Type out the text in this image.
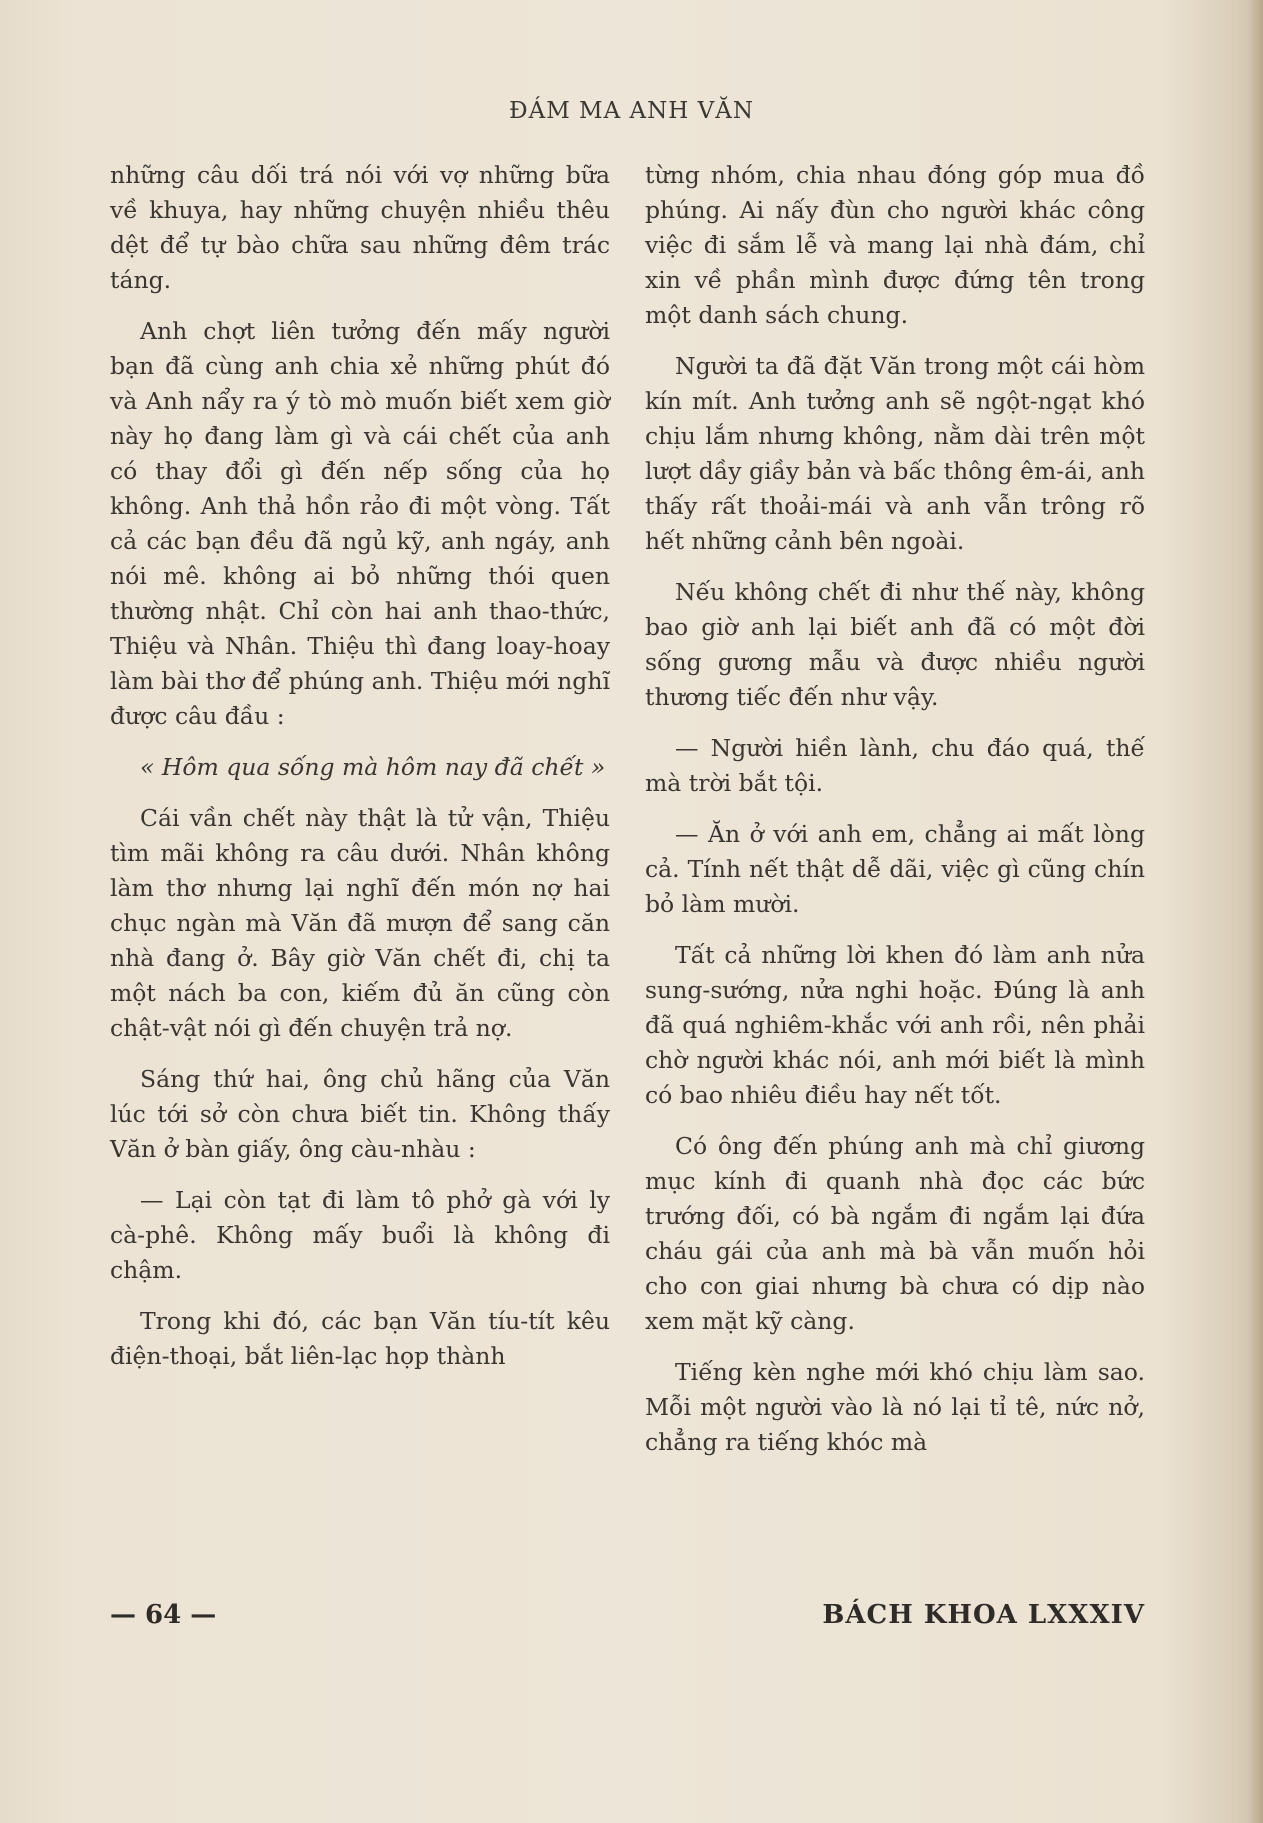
ĐÁM MA ANH VĂN

những câu dối trá nói với vợ những bữa về khuya, hay những chuyện nhiều thêu dệt để tự bào chữa sau những đêm trác táng.

Anh chợt liên tưởng đến mấy người bạn đã cùng anh chia xẻ những phút đó và Anh nẩy ra ý tò mò muốn biết xem giờ này họ đang làm gì và cái chết của anh có thay đổi gì đến nếp sống của họ không. Anh thả hồn rảo đi một vòng. Tất cả các bạn đều đã ngủ kỹ, anh ngáy, anh nói mê. không ai bỏ những thói quen thường nhật. Chỉ còn hai anh thao-thức, Thiệu và Nhân. Thiệu thì đang loay-hoay làm bài thơ để phúng anh. Thiệu mới nghĩ được câu đầu :

« Hôm qua sống mà hôm nay đã chết »

Cái vần chết này thật là tử vận, Thiệu tìm mãi không ra câu dưới. Nhân không làm thơ nhưng lại nghĩ đến món nợ hai chục ngàn mà Văn đã mượn để sang căn nhà đang ở. Bây giờ Văn chết đi, chị ta một nách ba con, kiếm đủ ăn cũng còn chật-vật nói gì đến chuyện trả nợ.

Sáng thứ hai, ông chủ hãng của Văn lúc tới sở còn chưa biết tin. Không thấy Văn ở bàn giấy, ông càu-nhàu :

— Lại còn tạt đi làm tô phở gà với ly cà-phê. Không mấy buổi là không đi chậm.

Trong khi đó, các bạn Văn tíu-tít kêu điện-thoại, bắt liên-lạc họp thành

từng nhóm, chia nhau đóng góp mua đồ phúng. Ai nấy đùn cho người khác công việc đi sắm lễ và mang lại nhà đám, chỉ xin về phần mình được đứng tên trong một danh sách chung.

Người ta đã đặt Văn trong một cái hòm kín mít. Anh tưởng anh sẽ ngột-ngạt khó chịu lắm nhưng không, nằm dài trên một lượt dầy giầy bản và bấc thông êm-ái, anh thấy rất thoải-mái và anh vẫn trông rõ hết những cảnh bên ngoài.

Nếu không chết đi như thế này, không bao giờ anh lại biết anh đã có một đời sống gương mẫu và được nhiều người thương tiếc đến như vậy.

— Người hiền lành, chu đáo quá, thế mà trời bắt tội.

— Ăn ở với anh em, chẳng ai mất lòng cả. Tính nết thật dễ dãi, việc gì cũng chín bỏ làm mười.

Tất cả những lời khen đó làm anh nửa sung-sướng, nửa nghi hoặc. Đúng là anh đã quá nghiêm-khắc với anh rồi, nên phải chờ người khác nói, anh mới biết là mình có bao nhiêu điều hay nết tốt.

Có ông đến phúng anh mà chỉ giương mục kính đi quanh nhà đọc các bức trướng đối, có bà ngắm đi ngắm lại đứa cháu gái của anh mà bà vẫn muốn hỏi cho con giai nhưng bà chưa có dịp nào xem mặt kỹ càng.

Tiếng kèn nghe mới khó chịu làm sao. Mỗi một người vào là nó lại tỉ tê, nức nở, chẳng ra tiếng khóc mà

— 64 —	BÁCH KHOA LXXXIV
